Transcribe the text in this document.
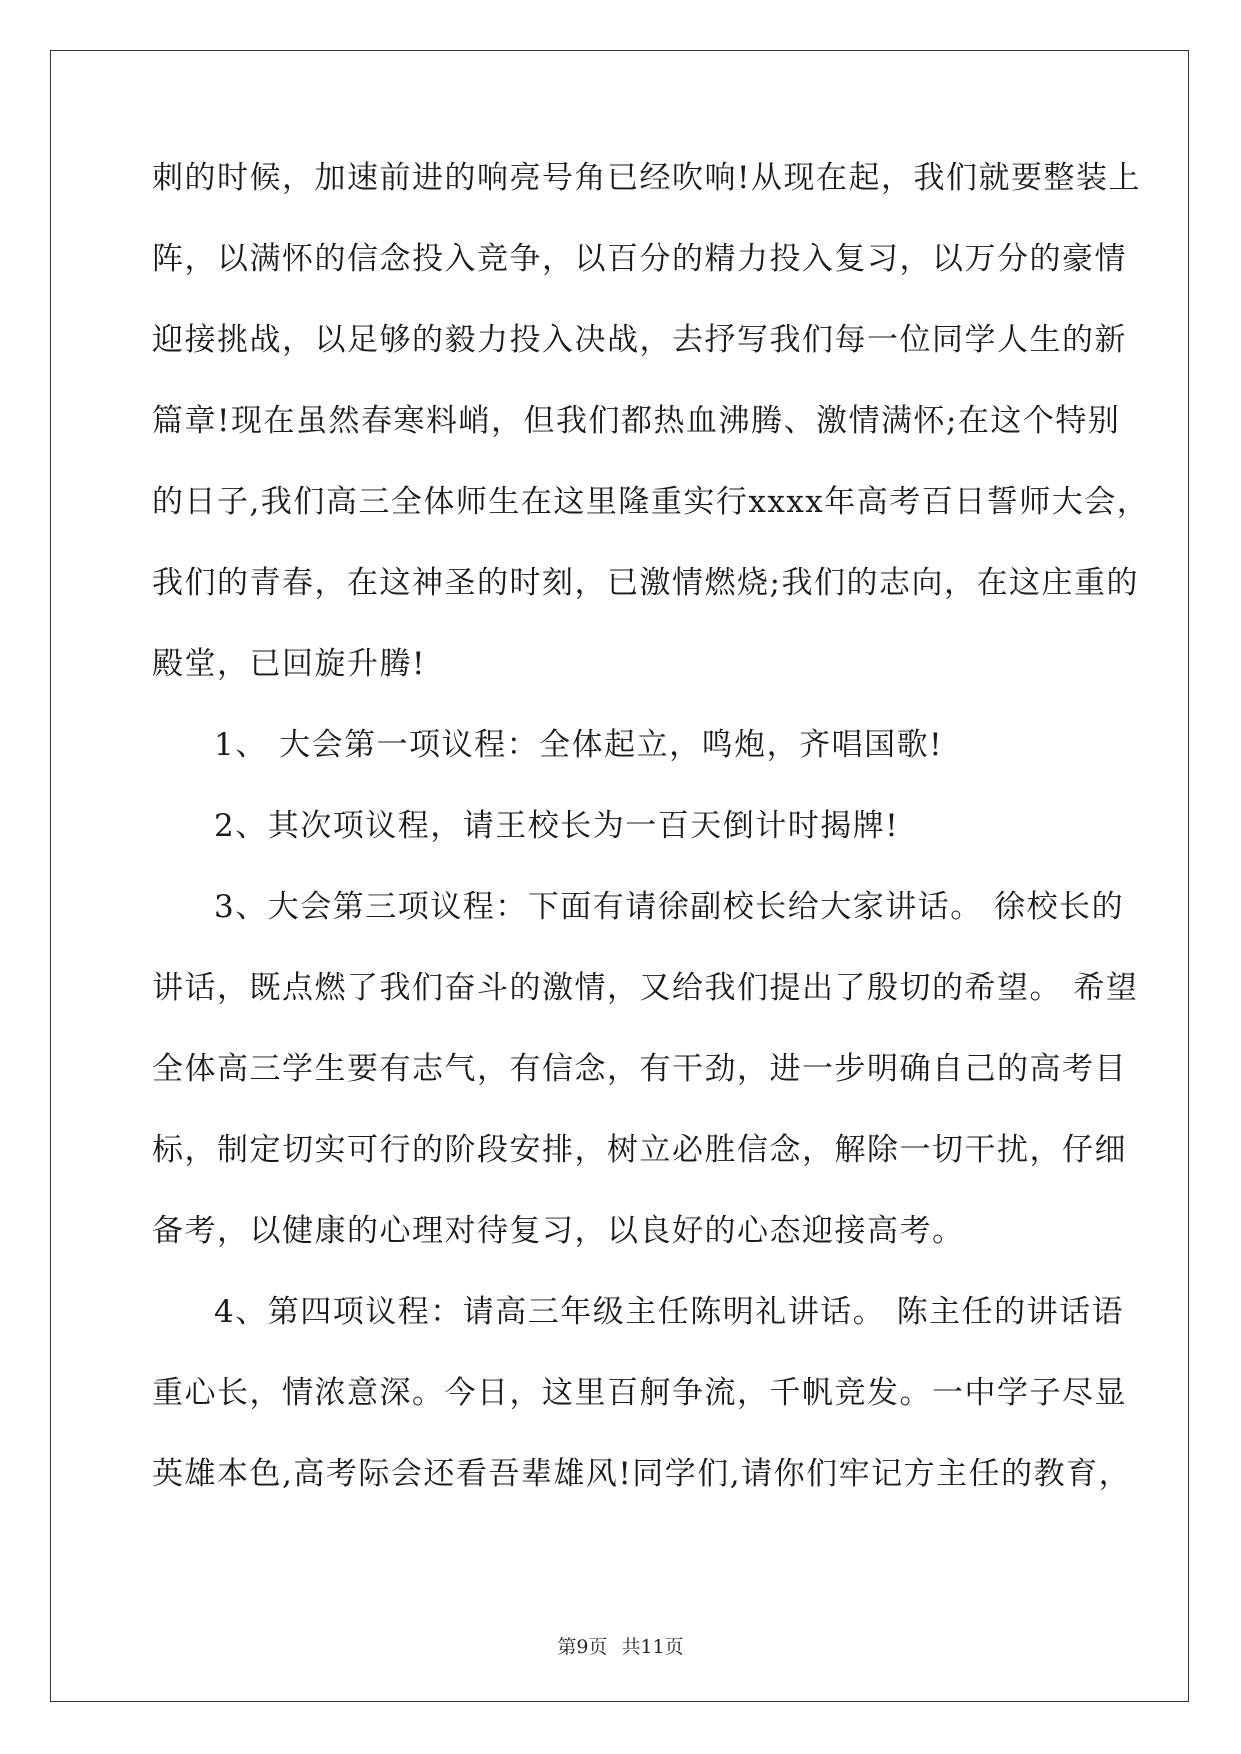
刺的时候，加速前进的响亮号角已经吹响!从现在起，我们就要整装上
阵，以满怀的信念投入竞争，以百分的精力投入复习，以万分的豪情
迎接挑战，以足够的毅力投入决战，去抒写我们每一位同学人生的新
篇章!现在虽然春寒料峭，但我们都热血沸腾、激情满怀;在这个特别
的日子,我们高三全体师生在这里隆重实行xxxx年高考百日誓师大会，
我们的青春，在这神圣的时刻，已激情燃烧;我们的志向，在这庄重的
殿堂，已回旋升腾!
1、 大会第一项议程：全体起立，鸣炮，齐唱国歌!
2、其次项议程，请王校长为一百天倒计时揭牌!
3、大会第三项议程：下面有请徐副校长给大家讲话。 徐校长的
讲话，既点燃了我们奋斗的激情，又给我们提出了殷切的希望。 希望
全体高三学生要有志气，有信念，有干劲，进一步明确自己的高考目
标，制定切实可行的阶段安排，树立必胜信念，解除一切干扰，仔细
备考，以健康的心理对待复习，以良好的心态迎接高考。
4、第四项议程：请高三年级主任陈明礼讲话。 陈主任的讲话语
重心长，情浓意深。今日，这里百舸争流，千帆竞发。一中学子尽显
英雄本色,高考际会还看吾辈雄风!同学们,请你们牢记方主任的教育，
第9页 共11页
